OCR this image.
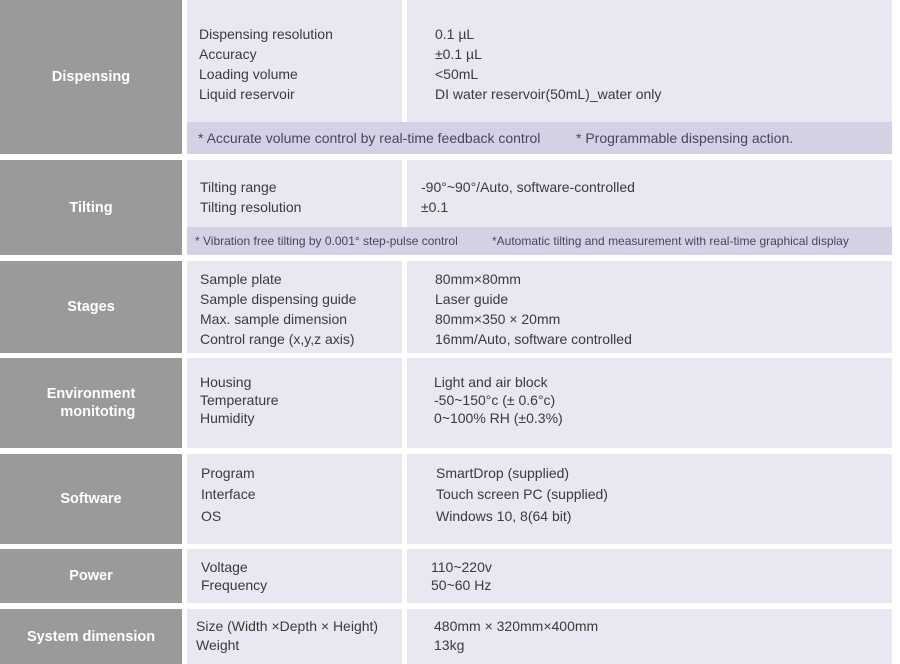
Dispensing
Dispensing resolution
Accuracy
Loading volume
Liquid reservoir
0.1 µL
±0.1 µL
<50mL
DI water reservoir(50mL)_water only
* Accurate volume control by real-time feedback control	* Programmable dispensing action.
Tilting
Tilting range
Tilting resolution
-90°~90°/Auto, software-controlled
±0.1
* Vibration free tilting by 0.001° step-pulse control	*Automatic tilting and measurement with real-time graphical display
Stages
Sample plate
Sample dispensing guide
Max. sample dimension
Control range (x,y,z axis)
80mm×80mm
Laser guide
80mm×350 × 20mm
16mm/Auto, software controlled
Environment
monitoting
Housing
Temperature
Humidity
Light and air block
-50~150°c (± 0.6°c)
0~100% RH (±0.3%)
Software
Program
Interface
OS
SmartDrop (supplied)
Touch screen PC (supplied)
Windows 10, 8(64 bit)
Power
Voltage
Frequency
110~220v
50~60 Hz
System dimension
Size (Width ×Depth × Height)
Weight
480mm × 320mm×400mm
13kg
